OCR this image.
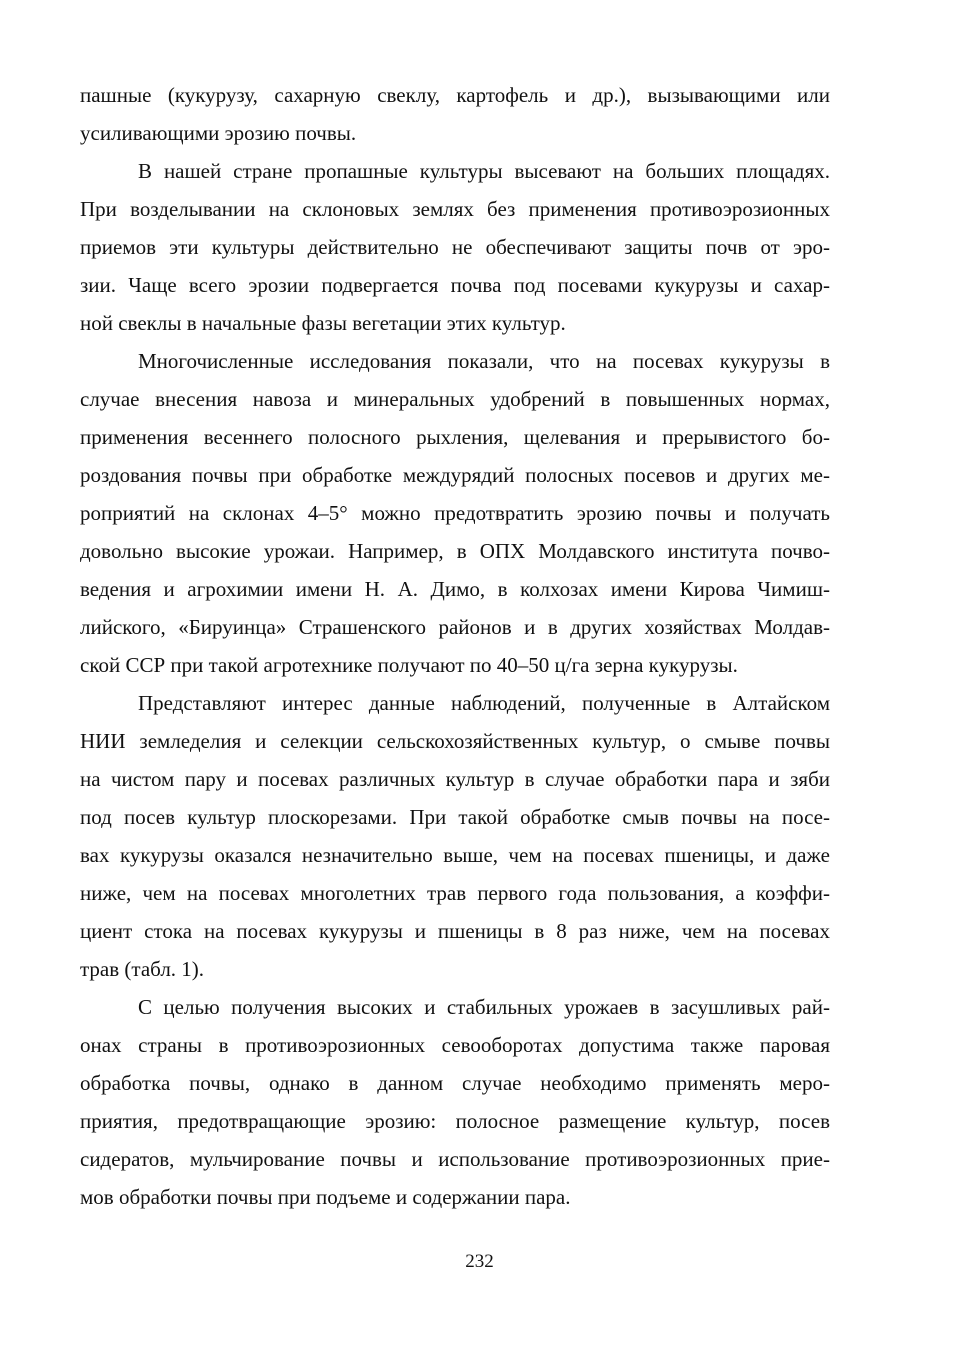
пашные (кукурузу, сахарную свеклу, картофель и др.), вызывающими или
усиливающими эрозию почвы.
В нашей стране пропашные культуры высевают на больших площадях.
При возделывании на склоновых землях без применения противоэрозионных
приемов эти культуры действительно не обеспечивают защиты почв от эро-
зии. Чаще всего эрозии подвергается почва под посевами кукурузы и сахар-
ной свеклы в начальные фазы вегетации этих культур.
Многочисленные исследования показали, что на посевах кукурузы в
случае внесения навоза и минеральных удобрений в повышенных нормах,
применения весеннего полосного рыхления, щелевания и прерывистого бо-
роздования почвы при обработке междурядий полосных посевов и других ме-
роприятий на склонах 4–5° можно предотвратить эрозию почвы и получать
довольно высокие урожаи. Например, в ОПХ Молдавского института почво-
ведения и агрохимии имени Н. А. Димо, в колхозах имени Кирова Чимиш-
лийского, «Бируинца» Страшенского районов и в других хозяйствах Молдав-
ской ССР при такой агротехнике получают по 40–50 ц/га зерна кукурузы.
Представляют интерес данные наблюдений, полученные в Алтайском
НИИ земледелия и селекции сельскохозяйственных культур, о смыве почвы
на чистом пару и посевах различных культур в случае обработки пара и зяби
под посев культур плоскорезами. При такой обработке смыв почвы на посе-
вах кукурузы оказался незначительно выше, чем на посевах пшеницы, и даже
ниже, чем на посевах многолетних трав первого года пользования, а коэффи-
циент стока на посевах кукурузы и пшеницы в 8 раз ниже, чем на посевах
трав (табл. 1).
С целью получения высоких и стабильных урожаев в засушливых рай-
онах страны в противоэрозионных севооборотах допустима также паровая
обработка почвы, однако в данном случае необходимо применять меро-
приятия, предотвращающие эрозию: полосное размещение культур, посев
сидератов, мульчирование почвы и использование противоэрозионных прие-
мов обработки почвы при подъеме и содержании пара.
232
